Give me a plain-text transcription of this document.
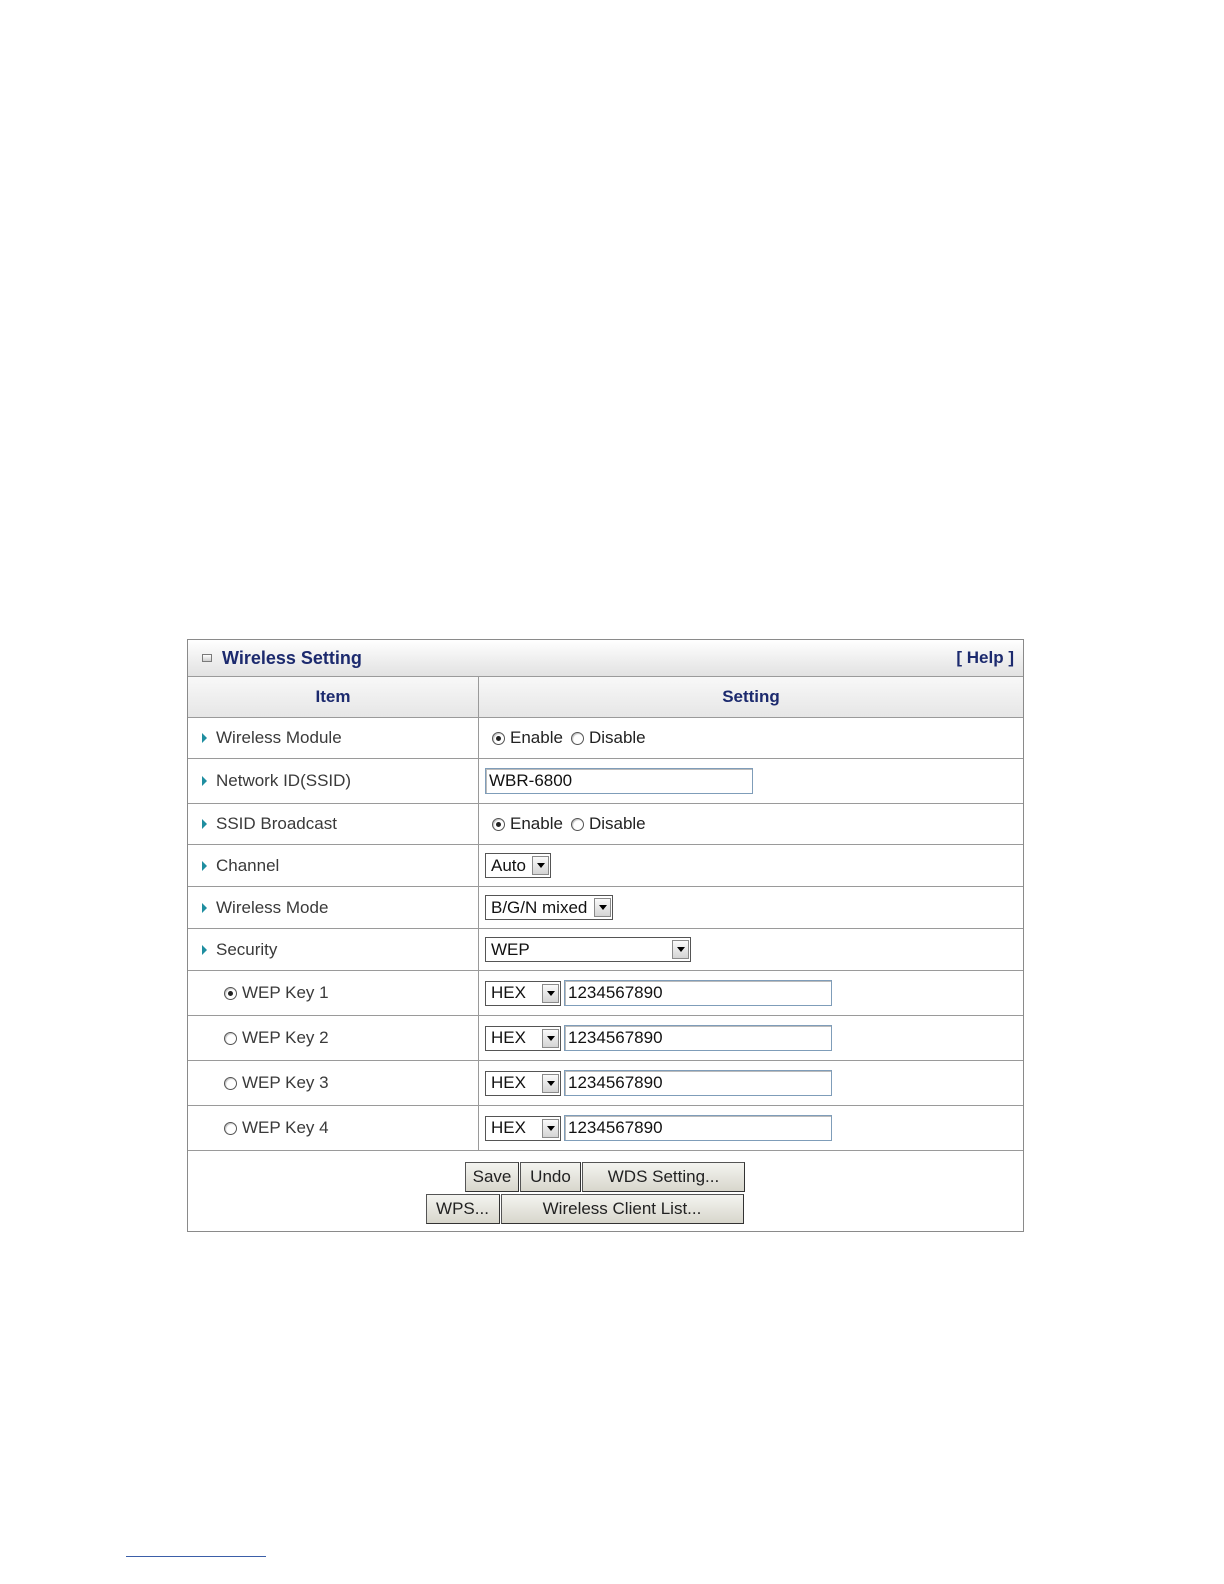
Wireless Setting	[ Help ]
Item	Setting
Wireless Module	Enable Disable
Network ID(SSID)	WBR-6800
SSID Broadcast	Enable Disable
Channel	Auto
Wireless Mode	B/G/N mixed
Security	WEP
WEP Key 1	HEX 1234567890
WEP Key 2	HEX 1234567890
WEP Key 3	HEX 1234567890
WEP Key 4	HEX 1234567890
Save	Undo	WDS Setting...
WPS...	Wireless Client List...
